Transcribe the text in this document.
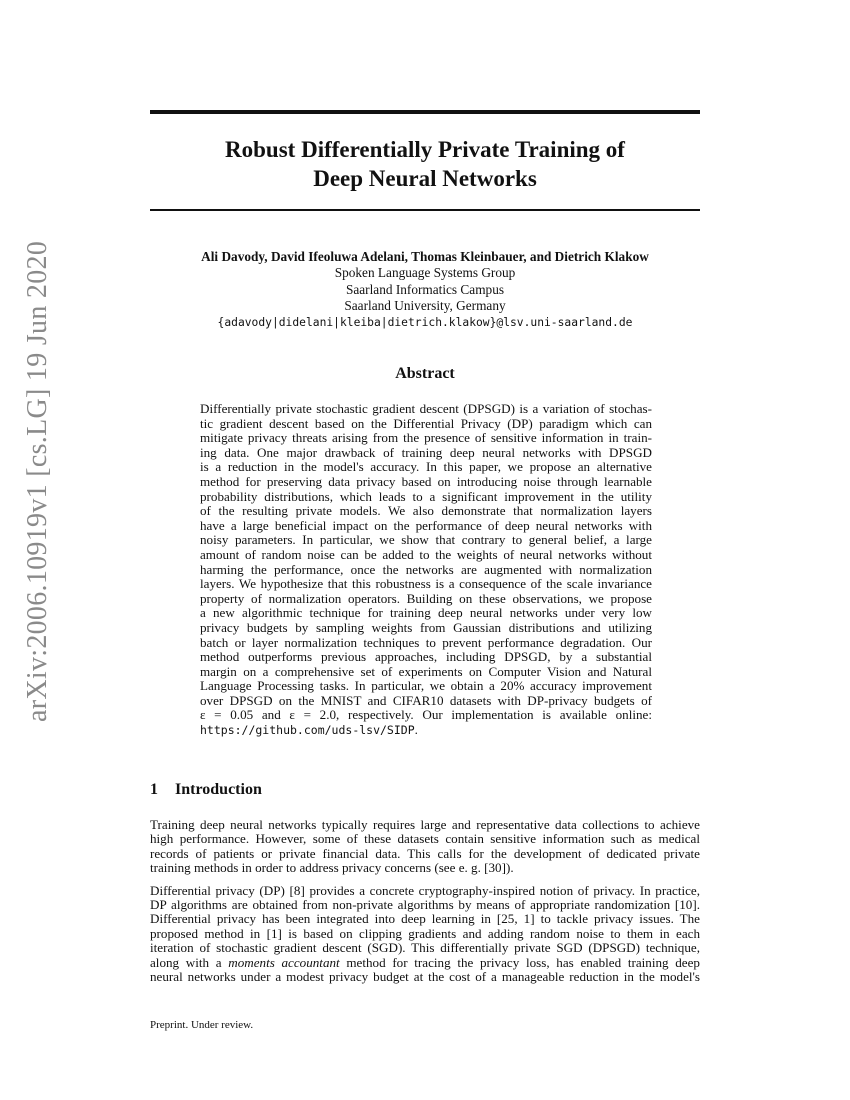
arXiv:2006.10919v1 [cs.LG] 19 Jun 2020
Robust Differentially Private Training of
Deep Neural Networks
Ali Davody, David Ifeoluwa Adelani, Thomas Kleinbauer, and Dietrich Klakow
Spoken Language Systems Group
Saarland Informatics Campus
Saarland University, Germany
{adavody|didelani|kleiba|dietrich.klakow}@lsv.uni-saarland.de
Abstract
Differentially private stochastic gradient descent (DPSGD) is a variation of stochas-
tic gradient descent based on the Differential Privacy (DP) paradigm which can
mitigate privacy threats arising from the presence of sensitive information in train-
ing data. One major drawback of training deep neural networks with DPSGD
is a reduction in the model's accuracy. In this paper, we propose an alternative
method for preserving data privacy based on introducing noise through learnable
probability distributions, which leads to a significant improvement in the utility
of the resulting private models. We also demonstrate that normalization layers
have a large beneficial impact on the performance of deep neural networks with
noisy parameters. In particular, we show that contrary to general belief, a large
amount of random noise can be added to the weights of neural networks without
harming the performance, once the networks are augmented with normalization
layers. We hypothesize that this robustness is a consequence of the scale invariance
property of normalization operators. Building on these observations, we propose
a new algorithmic technique for training deep neural networks under very low
privacy budgets by sampling weights from Gaussian distributions and utilizing
batch or layer normalization techniques to prevent performance degradation. Our
method outperforms previous approaches, including DPSGD, by a substantial
margin on a comprehensive set of experiments on Computer Vision and Natural
Language Processing tasks. In particular, we obtain a 20% accuracy improvement
over DPSGD on the MNIST and CIFAR10 datasets with DP-privacy budgets of
ε = 0.05 and ε = 2.0, respectively. Our implementation is available online:
https://github.com/uds-lsv/SIDP.
1 Introduction

Training deep neural networks typically requires large and representative data collections to achieve
high performance. However, some of these datasets contain sensitive information such as medical
records of patients or private financial data. This calls for the development of dedicated private
training methods in order to address privacy concerns (see e. g. [30]).

Differential privacy (DP) [8] provides a concrete cryptography-inspired notion of privacy. In practice,
DP algorithms are obtained from non-private algorithms by means of appropriate randomization [10].
Differential privacy has been integrated into deep learning in [25, 1] to tackle privacy issues. The
proposed method in [1] is based on clipping gradients and adding random noise to them in each
iteration of stochastic gradient descent (SGD). This differentially private SGD (DPSGD) technique,
along with a moments accountant method for tracing the privacy loss, has enabled training deep
neural networks under a modest privacy budget at the cost of a manageable reduction in the model's

Preprint. Under review.
